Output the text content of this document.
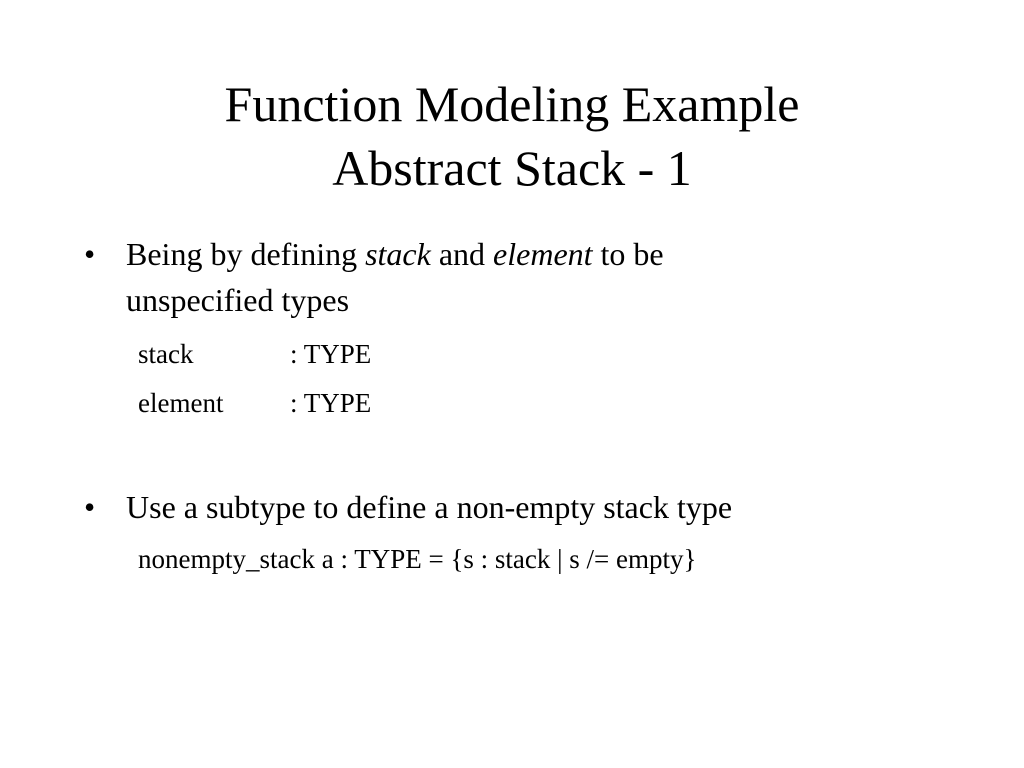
Function Modeling Example
Abstract Stack - 1
• Being by defining stack and element to be
unspecified types
stack	: TYPE
element : TYPE
• Use a subtype to define a non-empty stack type
nonempty_stack a : TYPE = {s : stack | s /= empty}
